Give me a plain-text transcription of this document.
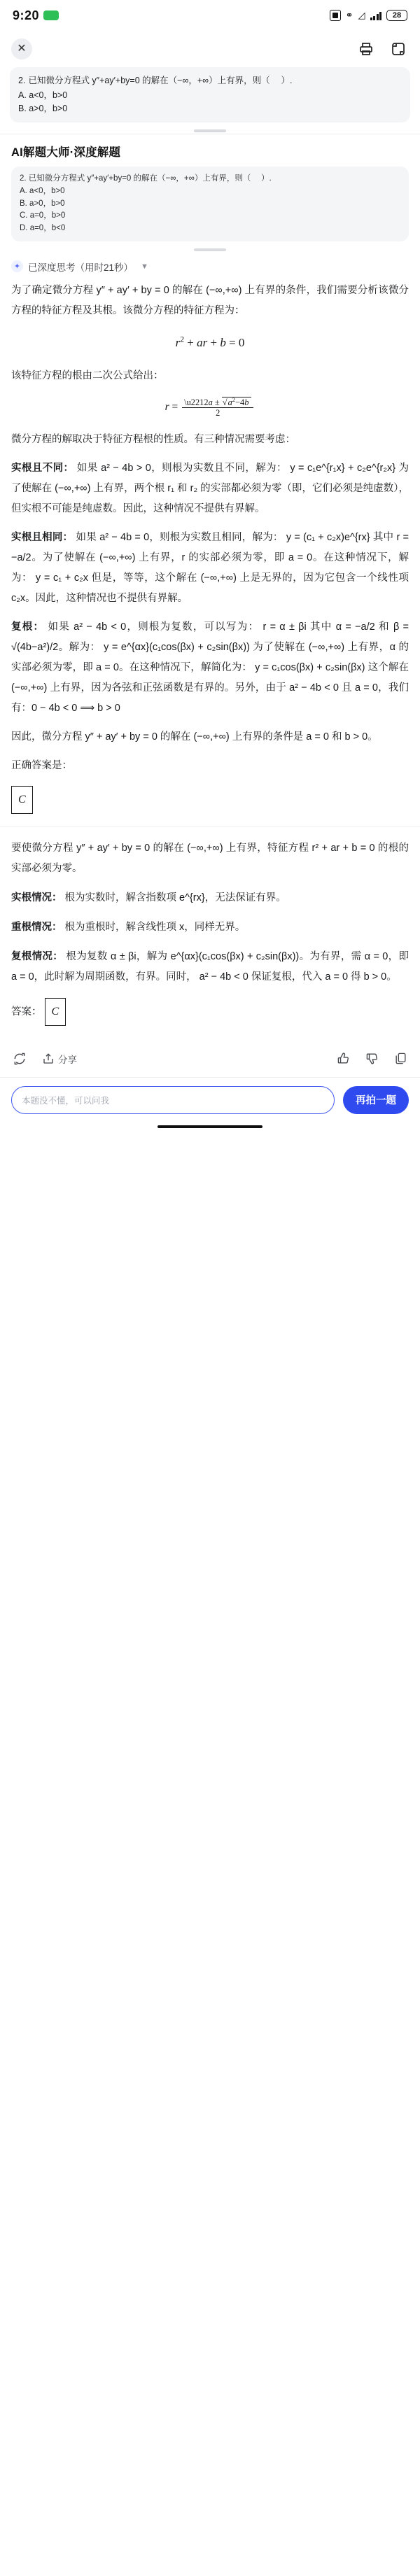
9:20	⚭ ◿	28
✕
2. 已知微分方程式 y″+ay′+by=0 的解在（−∞，+∞）上有界，则（ 　）.
A. a<0，b>0
B. a>0，b>0
AI解题大师·深度解题
2. 已知微分方程式 y″+ay′+by=0 的解在（−∞，+∞）上有界，则（ 　）.
A. a<0，b>0
B. a>0，b>0
C. a=0，b>0
D. a=0，b<0
✦ 已深度思考（用时21秒） ▼

为了确定微分方程 y″ + ay′ + by = 0 的解在 (−∞,+∞) 上有界的条件，我们需要分析该微分方程的特征方程及其根。该微分方程的特征方程为：

$r^2$ + ar + b = 0

该特征方程的根由二次公式给出：

$r = \frac{\backslash u2212a \pm √a^2-4b}{2}$

微分方程的解取决于特征方程根的性质。有三种情况需要考虑：

实根且不同： 如果 a² − 4b > 0，则根为实数且不同，解为： y = c₁e^{r₁x} + c₂e^{r₂x} 为了使解在 (−∞,+∞) 上有界，两个根 r₁ 和 r₂ 的实部都必须为零（即，它们必须是纯虚数），但实根不可能是纯虚数。因此，这种情况不提供有界解。

实根且相同： 如果 a² − 4b = 0，则根为实数且相同，解为： y = (c₁ + c₂x)e^{rx} 其中 r = −a/2。为了使解在 (−∞,+∞) 上有界，r 的实部必须为零，即 a = 0。在这种情况下，解为： y = c₁ + c₂x 但是，等等，这个解在 (−∞,+∞) 上是无界的，因为它包含一个线性项 c₂x。因此，这种情况也不提供有界解。

复根： 如果 a² − 4b < 0，则根为复数，可以写为： r = α ± βi 其中 α = −a/2 和 β = √(4b−a²)/2。解为： y = e^{αx}(c₁cos(βx) + c₂sin(βx)) 为了使解在 (−∞,+∞) 上有界，α 的实部必须为零，即 a = 0。在这种情况下，解简化为： y = c₁cos(βx) + c₂sin(βx) 这个解在 (−∞,+∞) 上有界，因为各弦和正弦函数是有界的。另外，由于 a² − 4b < 0 且 a = 0，我们有：0 − 4b < 0 ⟹ b > 0

因此，微分方程 y″ + ay′ + by = 0 的解在 (−∞,+∞) 上有界的条件是 a = 0 和 b > 0。

正确答案是：

C

要使微分方程 y″ + ay′ + by = 0 的解在 (−∞,+∞) 上有界，特征方程 r² + ar + b = 0 的根的实部必须为零。

实根情况： 根为实数时，解含指数项 e^{rx}，无法保证有界。

重根情况： 根为重根时，解含线性项 x，同样无界。

复根情况： 根为复数 α ± βi，解为 e^{αx}(c₁cos(βx) + c₂sin(βx))。为有界，需 α = 0，即 a = 0，此时解为周期函数，有界。同时， a² − 4b < 0 保证复根，代入 a = 0 得 b > 0。

答案： C

分享
本题没不懂，可以问我	再拍一题
